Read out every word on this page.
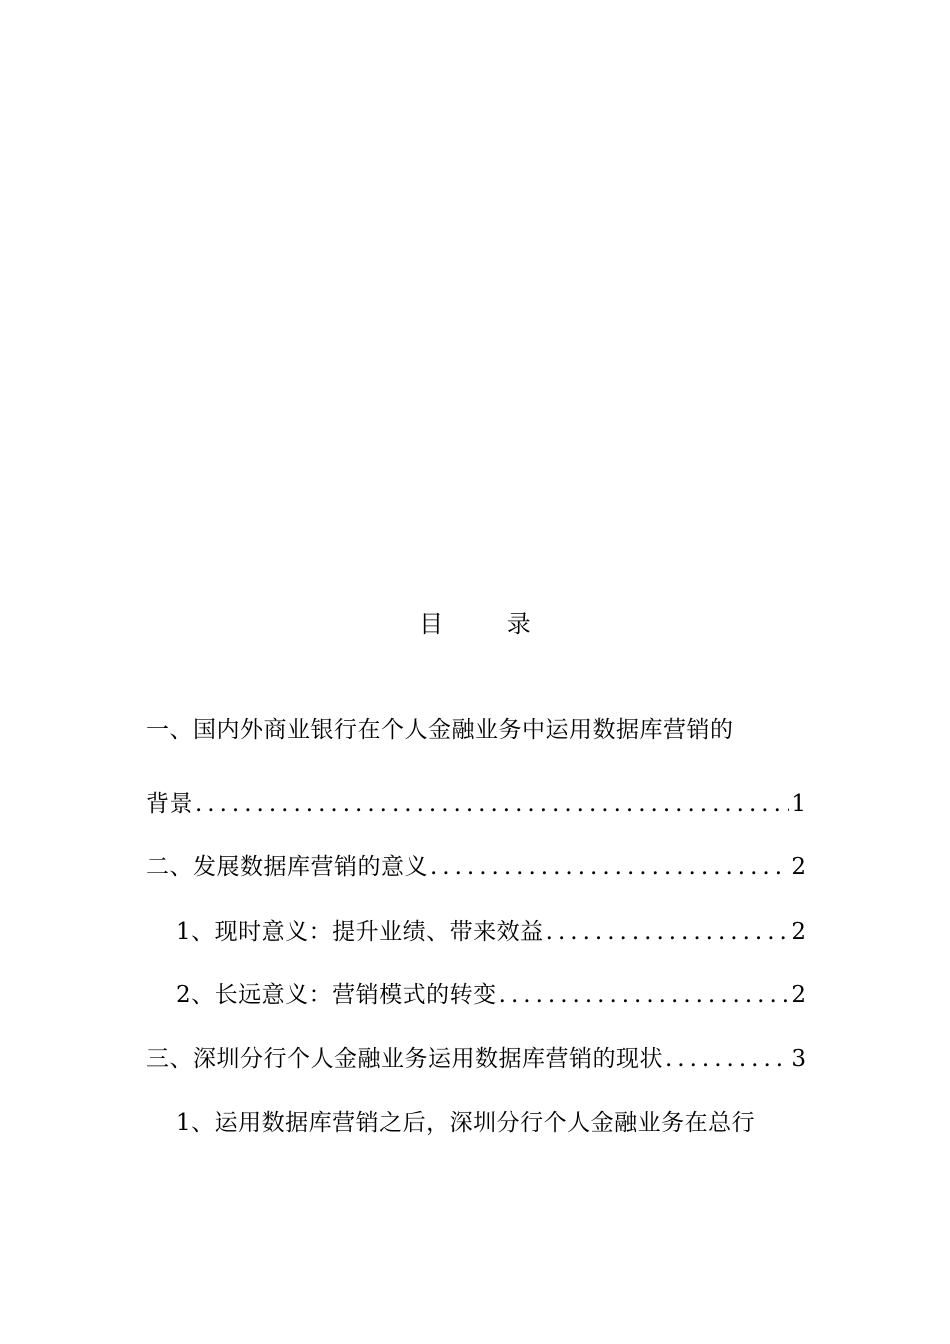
目 录
一、国内外商业银行在个人金融业务中运用数据库营销的
背景 .....	1
二、发展数据库营销的意义 .....	2
1、现时意义：提升业绩、带来效益 .....	2
2、长远意义：营销模式的转变 .....	2
三、深圳分行个人金融业务运用数据库营销的现状 .....	3
1、运用数据库营销之后，深圳分行个人金融业务在总行
